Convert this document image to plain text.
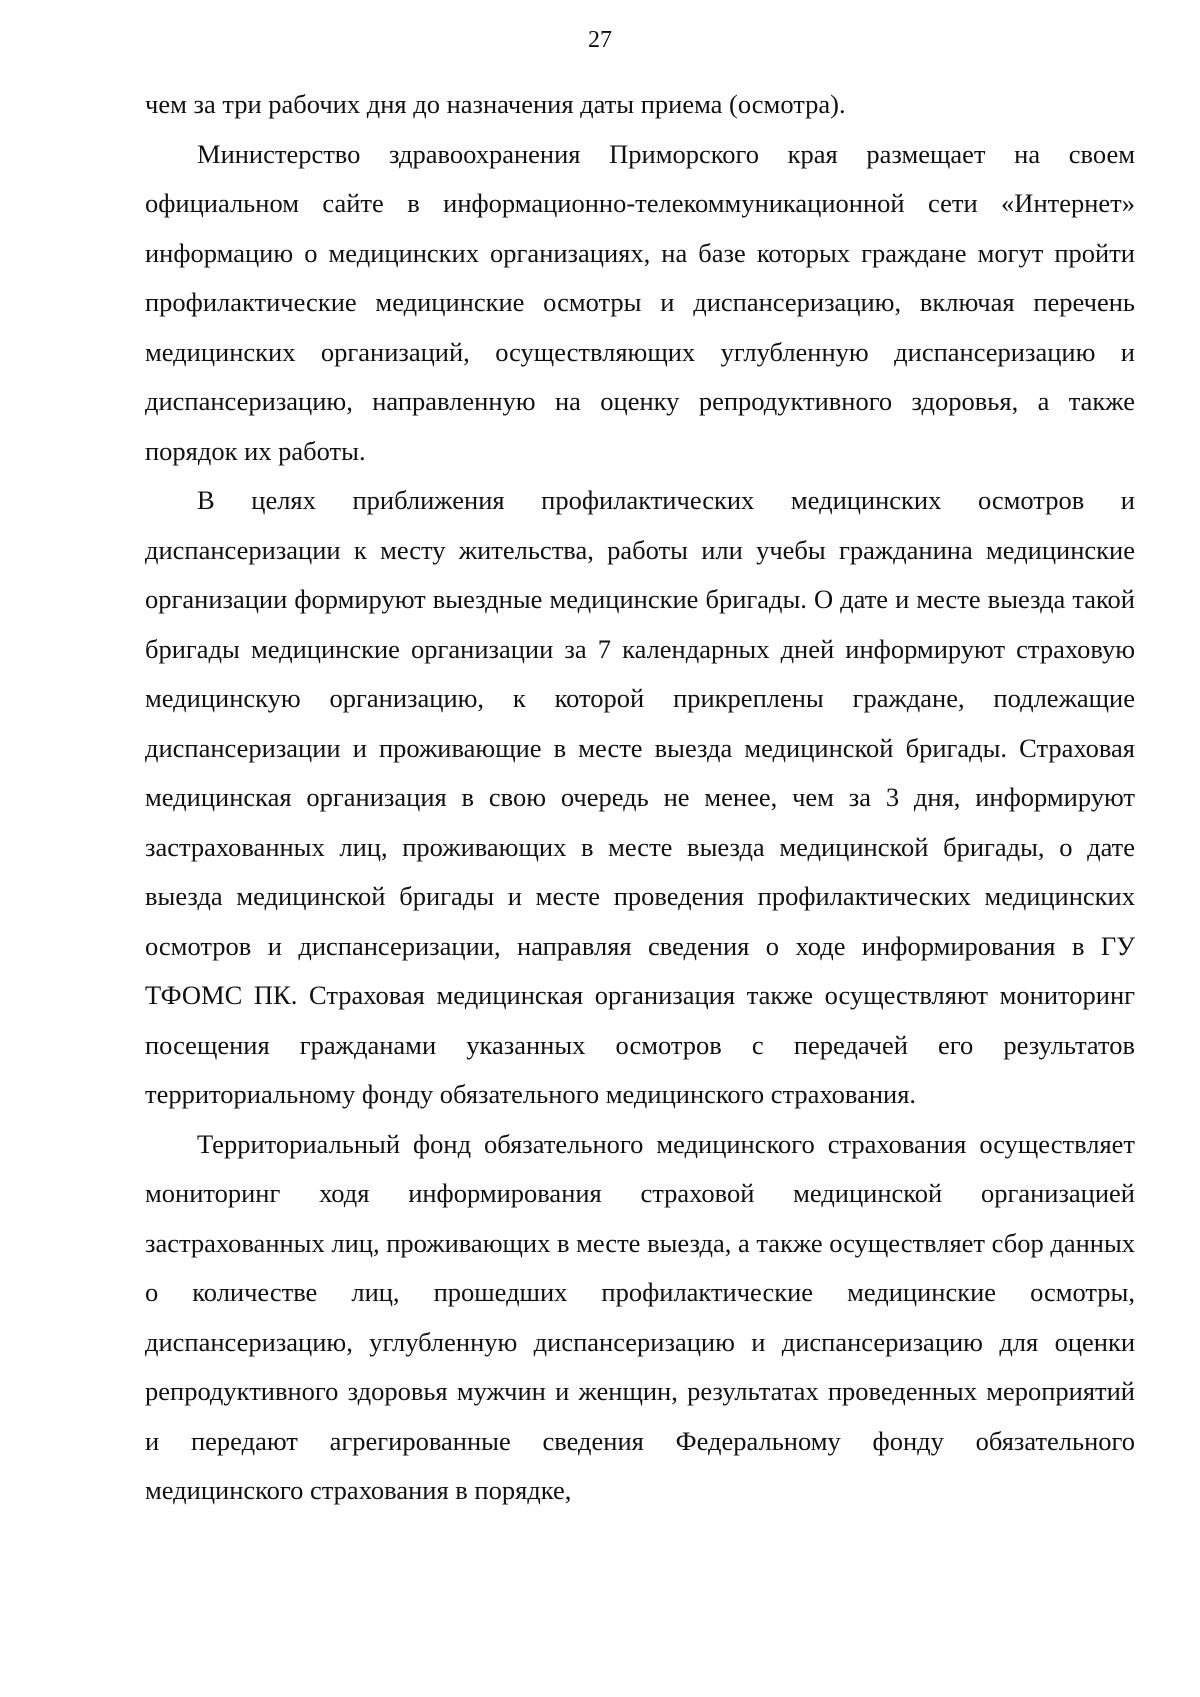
27

чем за три рабочих дня до назначения даты приема (осмотра).

Министерство здравоохранения Приморского края размещает на своем официальном сайте в информационно-телекоммуникационной сети «Интернет» информацию о медицинских организациях, на базе которых граждане могут пройти профилактические медицинские осмотры и диспансеризацию, включая перечень медицинских организаций, осуществляющих углубленную диспансеризацию и диспансеризацию, направленную на оценку репродуктивного здоровья, а также порядок их работы.

В целях приближения профилактических медицинских осмотров и диспансеризации к месту жительства, работы или учебы гражданина медицинские организации формируют выездные медицинские бригады. О дате и месте выезда такой бригады медицинские организации за 7 календарных дней информируют страховую медицинскую организацию, к которой прикреплены граждане, подлежащие диспансеризации и проживающие в месте выезда медицинской бригады. Страховая медицинская организация в свою очередь не менее, чем за 3 дня, информируют застрахованных лиц, проживающих в месте выезда медицинской бригады, о дате выезда медицинской бригады и месте проведения профилактических медицинских осмотров и диспансеризации, направляя сведения о ходе информирования в ГУ ТФОМС ПК. Страховая медицинская организация также осуществляют мониторинг посещения гражданами указанных осмотров с передачей его результатов территориальному фонду обязательного медицинского страхования.

Территориальный фонд обязательного медицинского страхования осуществляет мониторинг ходя информирования страховой медицинской организацией застрахованных лиц, проживающих в месте выезда, а также осуществляет сбор данных о количестве лиц, прошедших профилактические медицинские осмотры, диспансеризацию, углубленную диспансеризацию и диспансеризацию для оценки репродуктивного здоровья мужчин и женщин, результатах проведенных мероприятий и передают агрегированные сведения Федеральному фонду обязательного медицинского страхования в порядке,
